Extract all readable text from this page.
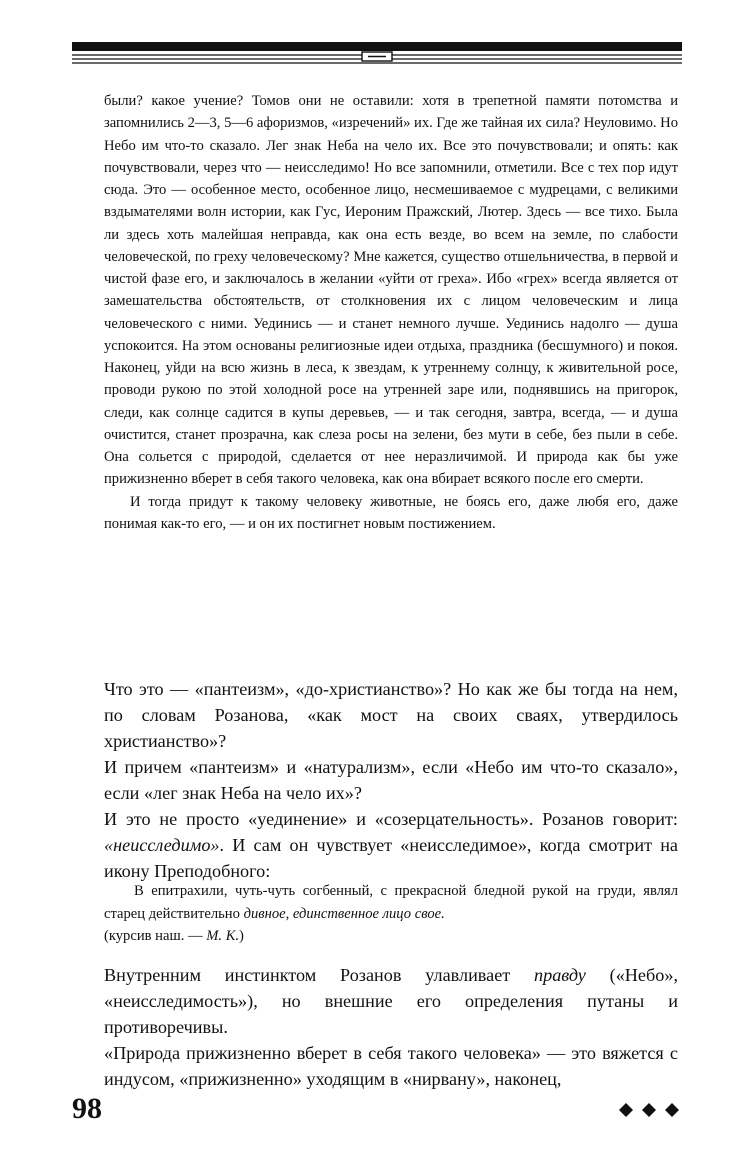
были? какое учение? Томов они не оставили: хотя в трепетной памяти потомства и запомнились 2—3, 5—6 афоризмов, «изречений» их. Где же тайная их сила? Неуловимо. Но Небо им что-то сказало. Лег знак Неба на чело их. Все это почувствовали; и опять: как почувствовали, через что — неисследимо! Но все запомнили, отметили. Все с тех пор идут сюда. Это — особенное место, особенное лицо, несмешиваемое с мудрецами, с великими вздымателями волн истории, как Гус, Иероним Пражский, Лютер. Здесь — все тихо. Была ли здесь хоть малейшая неправда, как она есть везде, во всем на земле, по слабости человеческой, по греху человеческому? Мне кажется, существо отшельничества, в первой и чистой фазе его, и заключалось в желании «уйти от греха». Ибо «грех» всегда является от замешательства обстоятельств, от столкновения их с лицом человеческим и лица человеческого с ними. Уединись — и станет немного лучше. Уединись надолго — душа успокоится. На этом основаны религиозные идеи отдыха, праздника (бесшумного) и покоя. Наконец, уйди на всю жизнь в леса, к звездам, к утреннему солнцу, к живительной росе, проводи рукою по этой холодной росе на утренней заре или, поднявшись на пригорок, следи, как солнце садится в купы деревьев, — и так сегодня, завтра, всегда, — и душа очистится, станет прозрачна, как слеза росы на зелени, без мути в себе, без пыли в себе. Она сольется с природой, сделается от нее неразличимой. И природа как бы уже прижизненно вберет в себя такого человека, как она вбирает всякого после его смерти.

И тогда придут к такому человеку животные, не боясь его, даже любя его, даже понимая как-то его, — и он их постигнет новым постижением.

Что это — «пантеизм», «до-христианство»? Но как же бы тогда на нем, по словам Розанова, «как мост на своих сваях, утвердилось христианство»?

И причем «пантеизм» и «натурализм», если «Небо им что-то сказало», если «лег знак Неба на чело их»?

И это не просто «уединение» и «созерцательность». Розанов говорит: «неисследимо». И сам он чувствует «неисследимое», когда смотрит на икону Преподобного:

В епитрахили, чуть-чуть согбенный, с прекрасной бледной рукой на груди, являл старец действительно дивное, единственное лицо свое.
(курсив наш. — М. К.)

Внутренним инстинктом Розанов улавливает правду («Небо», «неисследимость»), но внешние его определения путаны и противоречивы.

«Природа прижизненно вберет в себя такого человека» — это вяжется с индусом, «прижизненно» уходящим в «нирвану», наконец,

98
